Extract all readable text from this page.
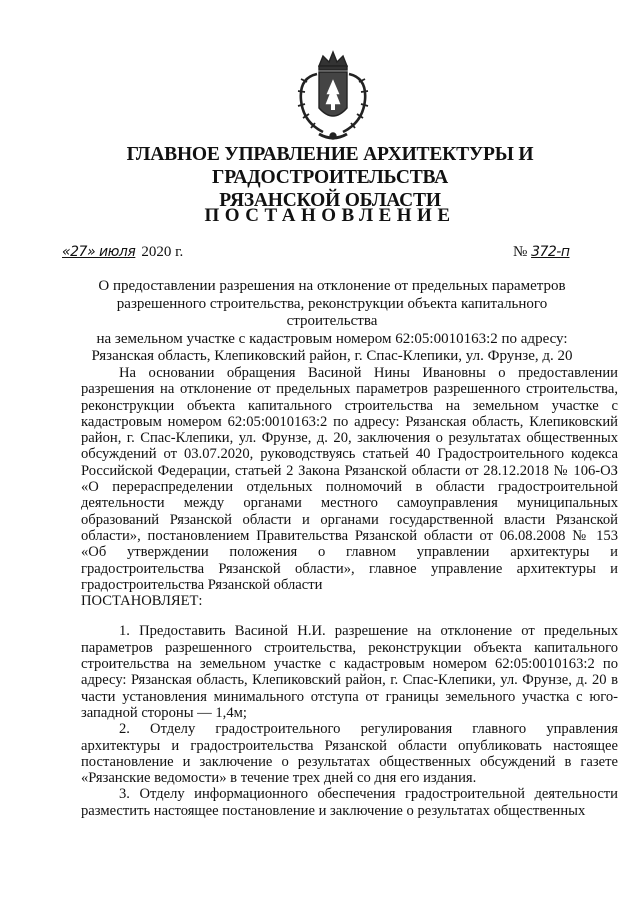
ГЛАВНОЕ УПРАВЛЕНИЕ АРХИТЕКТУРЫ И ГРАДОСТРОИТЕЛЬСТВА
РЯЗАНСКОЙ ОБЛАСТИ
ПОСТАНОВЛЕНИЕ
«27» июля 2020 г.	№ 372-п
О предоставлении разрешения на отклонение от предельных параметров
разрешенного строительства, реконструкции объекта капитального строительства
на земельном участке с кадастровым номером 62:05:0010163:2 по адресу:
Рязанская область, Клепиковский район, г. Спас-Клепики, ул. Фрунзе, д. 20

На основании обращения Васиной Нины Ивановны о предоставлении разрешения на отклонение от предельных параметров разрешенного строительства, реконструкции объекта капитального строительства на земельном участке с кадастровым номером 62:05:0010163:2 по адресу: Рязанская область, Клепиковский район, г. Спас-Клепики, ул. Фрунзе, д. 20, заключения о результатах общественных обсуждений от 03.07.2020, руководствуясь статьей 40 Градостроительного кодекса Российской Федерации, статьей 2 Закона Рязанской области от 28.12.2018 № 106-ОЗ «О перераспределении отдельных полномочий в области градостроительной деятельности между органами местного самоуправления муниципальных образований Рязанской области и органами государственной власти Рязанской области», постановлением Правительства Рязанской области от 06.08.2008 № 153 «Об утверждении положения о главном управлении архитектуры и градостроительства Рязанской области», главное управление архитектуры и градостроительства Рязанской области

ПОСТАНОВЛЯЕТ:

1. Предоставить Васиной Н.И. разрешение на отклонение от предельных параметров разрешенного строительства, реконструкции объекта капитального строительства на земельном участке с кадастровым номером 62:05:0010163:2 по адресу: Рязанская область, Клепиковский район, г. Спас-Клепики, ул. Фрунзе, д. 20 в части установления минимального отступа от границы земельного участка с юго-западной стороны — 1,4м;

2. Отделу градостроительного регулирования главного управления архитектуры и градостроительства Рязанской области опубликовать настоящее постановление и заключение о результатах общественных обсуждений в газете «Рязанские ведомости» в течение трех дней со дня его издания.

3. Отделу информационного обеспечения градостроительной деятельности разместить настоящее постановление и заключение о результатах общественных
